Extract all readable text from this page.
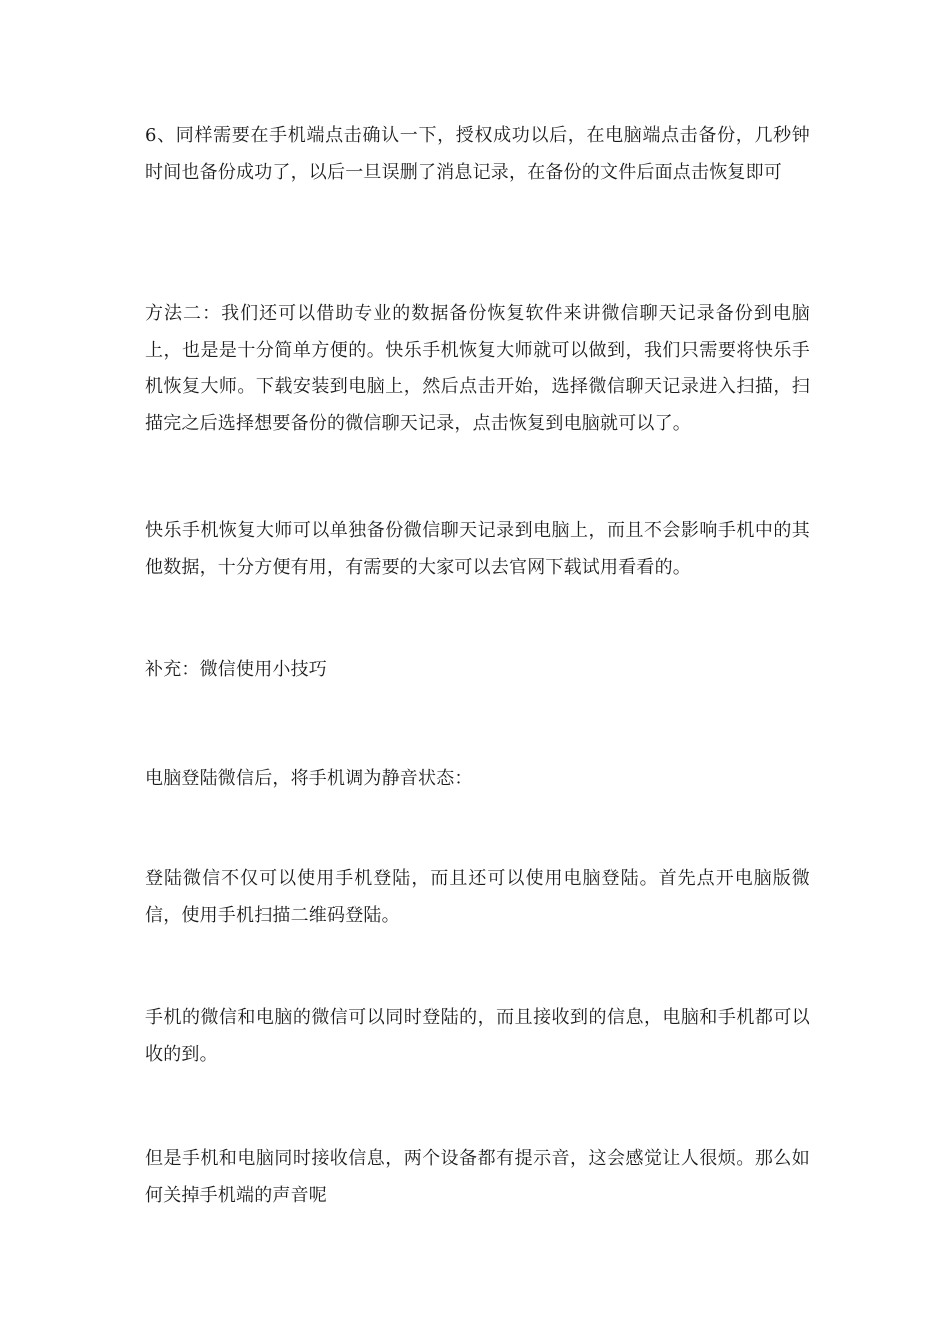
6、同样需要在手机端点击确认一下，授权成功以后，在电脑端点击备份，几秒钟时间也备份成功了，以后一旦误删了消息记录，在备份的文件后面点击恢复即可

方法二：我们还可以借助专业的数据备份恢复软件来讲微信聊天记录备份到电脑上，也是是十分简单方便的。快乐手机恢复大师就可以做到，我们只需要将快乐手机恢复大师。下载安装到电脑上，然后点击开始，选择微信聊天记录进入扫描，扫描完之后选择想要备份的微信聊天记录，点击恢复到电脑就可以了。

快乐手机恢复大师可以单独备份微信聊天记录到电脑上，而且不会影响手机中的其他数据，十分方便有用，有需要的大家可以去官网下载试用看看的。

补充：微信使用小技巧

电脑登陆微信后，将手机调为静音状态：

登陆微信不仅可以使用手机登陆，而且还可以使用电脑登陆。首先点开电脑版微信，使用手机扫描二维码登陆。

手机的微信和电脑的微信可以同时登陆的，而且接收到的信息，电脑和手机都可以收的到。

但是手机和电脑同时接收信息，两个设备都有提示音，这会感觉让人很烦。那么如何关掉手机端的声音呢
